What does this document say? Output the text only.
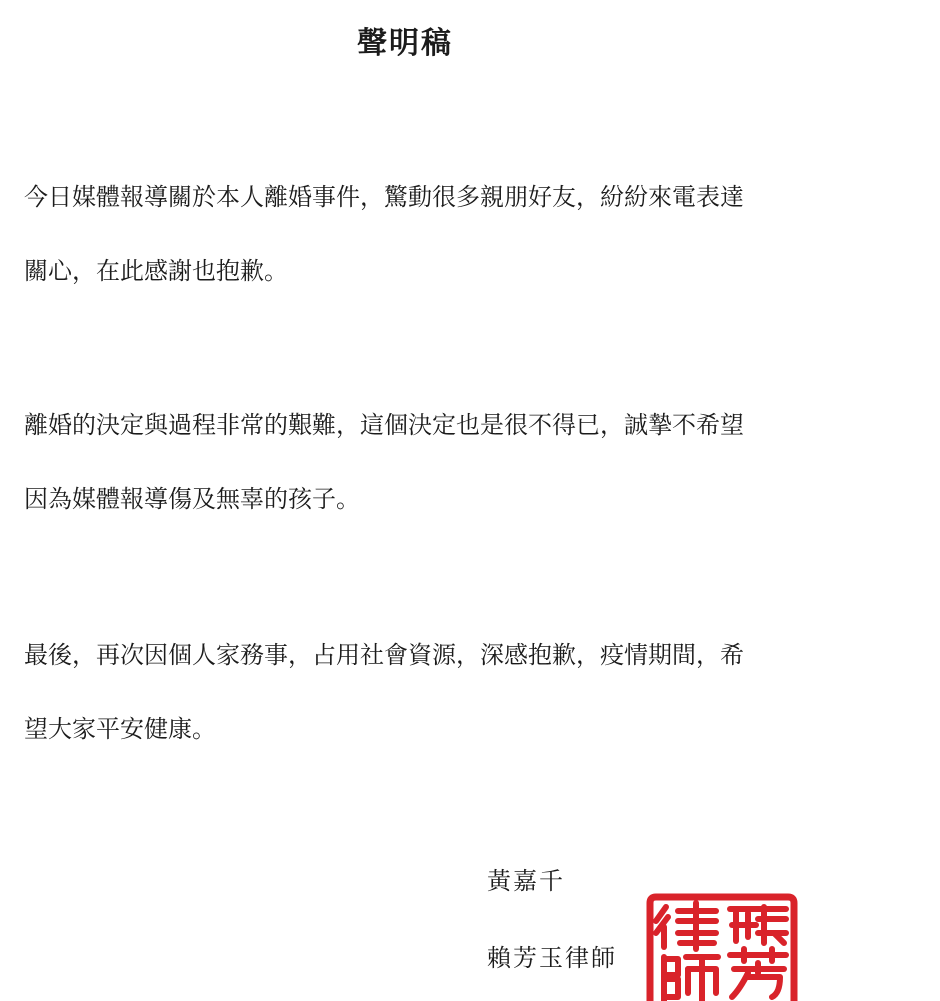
聲明稿
今日媒體報導關於本人離婚事件，驚動很多親朋好友，紛紛來電表達
關心，在此感謝也抱歉。
離婚的決定與過程非常的艱難，這個決定也是很不得已，誠摯不希望
因為媒體報導傷及無辜的孩子。
最後，再次因個人家務事，占用社會資源，深感抱歉，疫情期間，希
望大家平安健康。
黃嘉千
賴芳玉律師
